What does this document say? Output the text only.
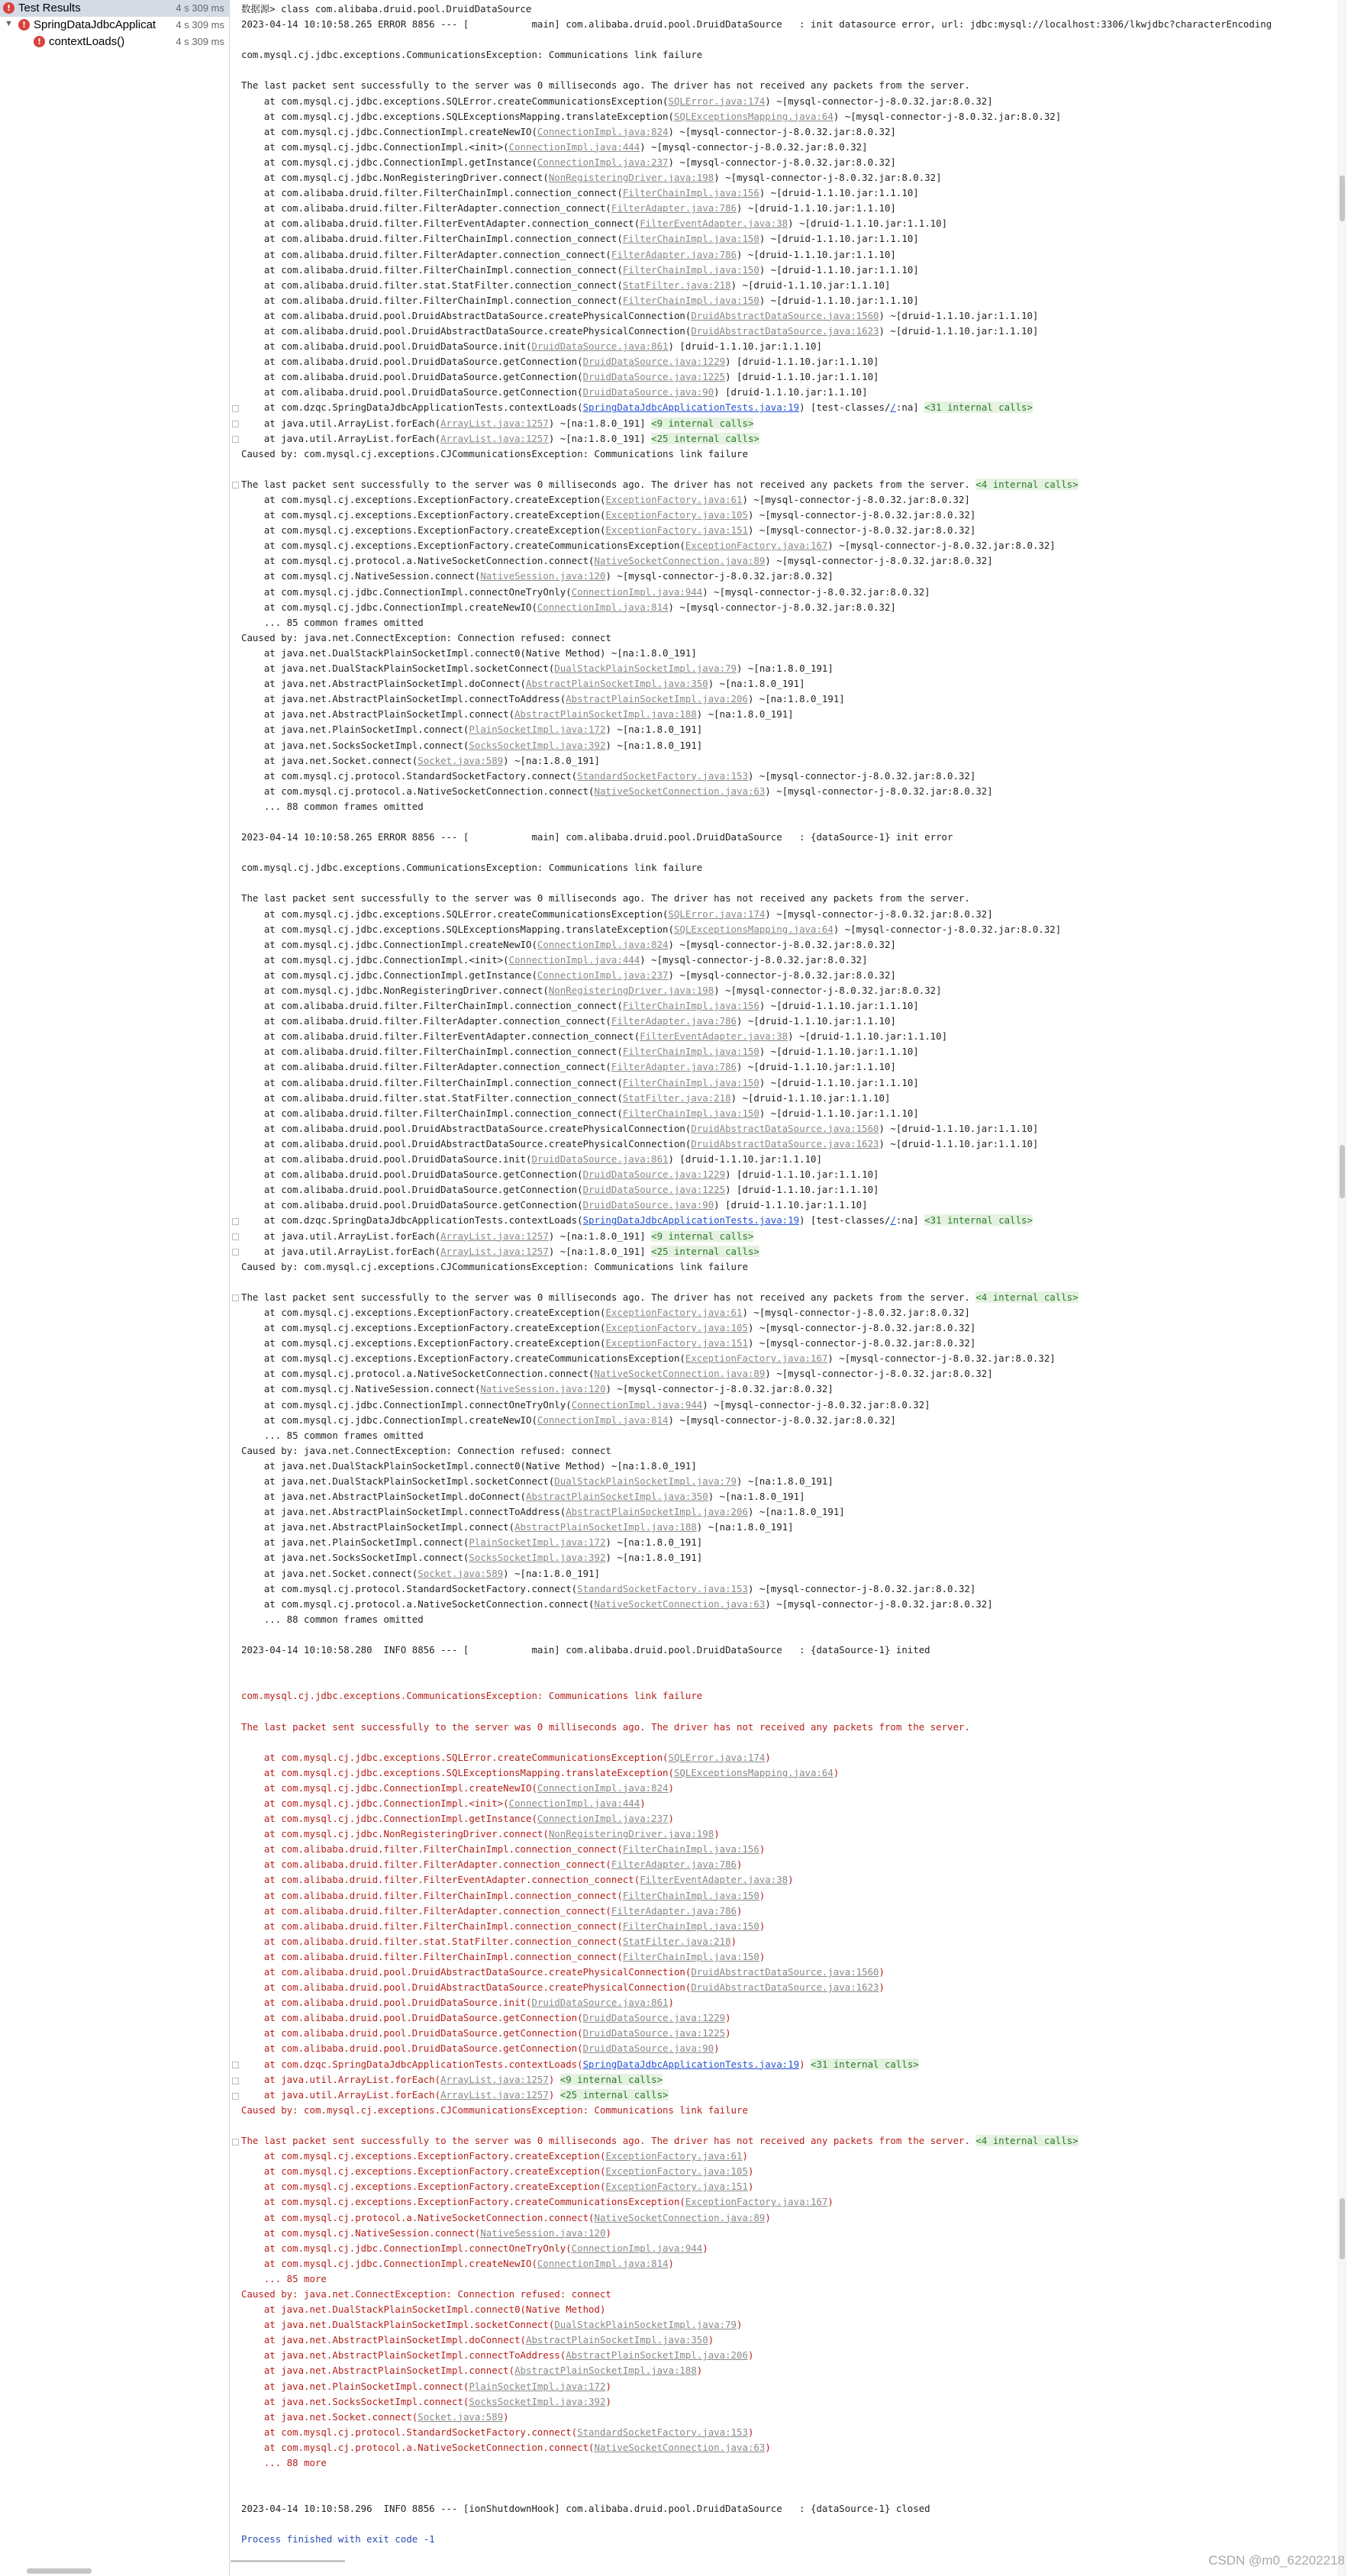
! Test Results	4 s 309 ms
▼	! SpringDataJdbcApplicat 4 s 309 ms
! contextLoads()	4 s 309 ms
数据源> class com.alibaba.druid.pool.DruidDataSource
2023-04-14 10:10:58.265 ERROR 8856 --- [           main] com.alibaba.druid.pool.DruidDataSource   : init datasource error, url: jdbc:mysql://localhost:3306/lkwjdbc?characterEncoding
com.mysql.cj.jdbc.exceptions.CommunicationsException: Communications link failure
The last packet sent successfully to the server was 0 milliseconds ago. The driver has not received any packets from the server.
at com.mysql.cj.jdbc.exceptions.SQLError.createCommunicationsException(SQLError.java:174) ~[mysql-connector-j-8.0.32.jar:8.0.32]
at com.mysql.cj.jdbc.exceptions.SQLExceptionsMapping.translateException(SQLExceptionsMapping.java:64) ~[mysql-connector-j-8.0.32.jar:8.0.32]
at com.mysql.cj.jdbc.ConnectionImpl.createNewIO(ConnectionImpl.java:824) ~[mysql-connector-j-8.0.32.jar:8.0.32]
at com.mysql.cj.jdbc.ConnectionImpl.<init>(ConnectionImpl.java:444) ~[mysql-connector-j-8.0.32.jar:8.0.32]
at com.mysql.cj.jdbc.ConnectionImpl.getInstance(ConnectionImpl.java:237) ~[mysql-connector-j-8.0.32.jar:8.0.32]
at com.mysql.cj.jdbc.NonRegisteringDriver.connect(NonRegisteringDriver.java:198) ~[mysql-connector-j-8.0.32.jar:8.0.32]
at com.alibaba.druid.filter.FilterChainImpl.connection_connect(FilterChainImpl.java:156) ~[druid-1.1.10.jar:1.1.10]
at com.alibaba.druid.filter.FilterAdapter.connection_connect(FilterAdapter.java:786) ~[druid-1.1.10.jar:1.1.10]
at com.alibaba.druid.filter.FilterEventAdapter.connection_connect(FilterEventAdapter.java:38) ~[druid-1.1.10.jar:1.1.10]
at com.alibaba.druid.filter.FilterChainImpl.connection_connect(FilterChainImpl.java:150) ~[druid-1.1.10.jar:1.1.10]
at com.alibaba.druid.filter.FilterAdapter.connection_connect(FilterAdapter.java:786) ~[druid-1.1.10.jar:1.1.10]
at com.alibaba.druid.filter.FilterChainImpl.connection_connect(FilterChainImpl.java:150) ~[druid-1.1.10.jar:1.1.10]
at com.alibaba.druid.filter.stat.StatFilter.connection_connect(StatFilter.java:218) ~[druid-1.1.10.jar:1.1.10]
at com.alibaba.druid.filter.FilterChainImpl.connection_connect(FilterChainImpl.java:150) ~[druid-1.1.10.jar:1.1.10]
at com.alibaba.druid.pool.DruidAbstractDataSource.createPhysicalConnection(DruidAbstractDataSource.java:1560) ~[druid-1.1.10.jar:1.1.10]
at com.alibaba.druid.pool.DruidAbstractDataSource.createPhysicalConnection(DruidAbstractDataSource.java:1623) ~[druid-1.1.10.jar:1.1.10]
at com.alibaba.druid.pool.DruidDataSource.init(DruidDataSource.java:861) [druid-1.1.10.jar:1.1.10]
at com.alibaba.druid.pool.DruidDataSource.getConnection(DruidDataSource.java:1229) [druid-1.1.10.jar:1.1.10]
at com.alibaba.druid.pool.DruidDataSource.getConnection(DruidDataSource.java:1225) [druid-1.1.10.jar:1.1.10]
at com.alibaba.druid.pool.DruidDataSource.getConnection(DruidDataSource.java:90) [druid-1.1.10.jar:1.1.10]
at com.dzqc.SpringDataJdbcApplicationTests.contextLoads(SpringDataJdbcApplicationTests.java:19) [test-classes//:na] <31 internal calls>
at java.util.ArrayList.forEach(ArrayList.java:1257) ~[na:1.8.0_191] <9 internal calls>
at java.util.ArrayList.forEach(ArrayList.java:1257) ~[na:1.8.0_191] <25 internal calls>
Caused by: com.mysql.cj.exceptions.CJCommunicationsException: Communications link failure
The last packet sent successfully to the server was 0 milliseconds ago. The driver has not received any packets from the server. <4 internal calls>
at com.mysql.cj.exceptions.ExceptionFactory.createException(ExceptionFactory.java:61) ~[mysql-connector-j-8.0.32.jar:8.0.32]
at com.mysql.cj.exceptions.ExceptionFactory.createException(ExceptionFactory.java:105) ~[mysql-connector-j-8.0.32.jar:8.0.32]
at com.mysql.cj.exceptions.ExceptionFactory.createException(ExceptionFactory.java:151) ~[mysql-connector-j-8.0.32.jar:8.0.32]
at com.mysql.cj.exceptions.ExceptionFactory.createCommunicationsException(ExceptionFactory.java:167) ~[mysql-connector-j-8.0.32.jar:8.0.32]
at com.mysql.cj.protocol.a.NativeSocketConnection.connect(NativeSocketConnection.java:89) ~[mysql-connector-j-8.0.32.jar:8.0.32]
at com.mysql.cj.NativeSession.connect(NativeSession.java:120) ~[mysql-connector-j-8.0.32.jar:8.0.32]
at com.mysql.cj.jdbc.ConnectionImpl.connectOneTryOnly(ConnectionImpl.java:944) ~[mysql-connector-j-8.0.32.jar:8.0.32]
at com.mysql.cj.jdbc.ConnectionImpl.createNewIO(ConnectionImpl.java:814) ~[mysql-connector-j-8.0.32.jar:8.0.32]
... 85 common frames omitted
Caused by: java.net.ConnectException: Connection refused: connect
at java.net.DualStackPlainSocketImpl.connect0(Native Method) ~[na:1.8.0_191]
at java.net.DualStackPlainSocketImpl.socketConnect(DualStackPlainSocketImpl.java:79) ~[na:1.8.0_191]
at java.net.AbstractPlainSocketImpl.doConnect(AbstractPlainSocketImpl.java:350) ~[na:1.8.0_191]
at java.net.AbstractPlainSocketImpl.connectToAddress(AbstractPlainSocketImpl.java:206) ~[na:1.8.0_191]
at java.net.AbstractPlainSocketImpl.connect(AbstractPlainSocketImpl.java:188) ~[na:1.8.0_191]
at java.net.PlainSocketImpl.connect(PlainSocketImpl.java:172) ~[na:1.8.0_191]
at java.net.SocksSocketImpl.connect(SocksSocketImpl.java:392) ~[na:1.8.0_191]
at java.net.Socket.connect(Socket.java:589) ~[na:1.8.0_191]
at com.mysql.cj.protocol.StandardSocketFactory.connect(StandardSocketFactory.java:153) ~[mysql-connector-j-8.0.32.jar:8.0.32]
at com.mysql.cj.protocol.a.NativeSocketConnection.connect(NativeSocketConnection.java:63) ~[mysql-connector-j-8.0.32.jar:8.0.32]
... 88 common frames omitted
2023-04-14 10:10:58.265 ERROR 8856 --- [           main] com.alibaba.druid.pool.DruidDataSource   : {dataSource-1} init error
com.mysql.cj.jdbc.exceptions.CommunicationsException: Communications link failure
The last packet sent successfully to the server was 0 milliseconds ago. The driver has not received any packets from the server.
at com.mysql.cj.jdbc.exceptions.SQLError.createCommunicationsException(SQLError.java:174) ~[mysql-connector-j-8.0.32.jar:8.0.32]
at com.mysql.cj.jdbc.exceptions.SQLExceptionsMapping.translateException(SQLExceptionsMapping.java:64) ~[mysql-connector-j-8.0.32.jar:8.0.32]
at com.mysql.cj.jdbc.ConnectionImpl.createNewIO(ConnectionImpl.java:824) ~[mysql-connector-j-8.0.32.jar:8.0.32]
at com.mysql.cj.jdbc.ConnectionImpl.<init>(ConnectionImpl.java:444) ~[mysql-connector-j-8.0.32.jar:8.0.32]
at com.mysql.cj.jdbc.ConnectionImpl.getInstance(ConnectionImpl.java:237) ~[mysql-connector-j-8.0.32.jar:8.0.32]
at com.mysql.cj.jdbc.NonRegisteringDriver.connect(NonRegisteringDriver.java:198) ~[mysql-connector-j-8.0.32.jar:8.0.32]
at com.alibaba.druid.filter.FilterChainImpl.connection_connect(FilterChainImpl.java:156) ~[druid-1.1.10.jar:1.1.10]
at com.alibaba.druid.filter.FilterAdapter.connection_connect(FilterAdapter.java:786) ~[druid-1.1.10.jar:1.1.10]
at com.alibaba.druid.filter.FilterEventAdapter.connection_connect(FilterEventAdapter.java:38) ~[druid-1.1.10.jar:1.1.10]
at com.alibaba.druid.filter.FilterChainImpl.connection_connect(FilterChainImpl.java:150) ~[druid-1.1.10.jar:1.1.10]
at com.alibaba.druid.filter.FilterAdapter.connection_connect(FilterAdapter.java:786) ~[druid-1.1.10.jar:1.1.10]
at com.alibaba.druid.filter.FilterChainImpl.connection_connect(FilterChainImpl.java:150) ~[druid-1.1.10.jar:1.1.10]
at com.alibaba.druid.filter.stat.StatFilter.connection_connect(StatFilter.java:218) ~[druid-1.1.10.jar:1.1.10]
at com.alibaba.druid.filter.FilterChainImpl.connection_connect(FilterChainImpl.java:150) ~[druid-1.1.10.jar:1.1.10]
at com.alibaba.druid.pool.DruidAbstractDataSource.createPhysicalConnection(DruidAbstractDataSource.java:1560) ~[druid-1.1.10.jar:1.1.10]
at com.alibaba.druid.pool.DruidAbstractDataSource.createPhysicalConnection(DruidAbstractDataSource.java:1623) ~[druid-1.1.10.jar:1.1.10]
at com.alibaba.druid.pool.DruidDataSource.init(DruidDataSource.java:861) [druid-1.1.10.jar:1.1.10]
at com.alibaba.druid.pool.DruidDataSource.getConnection(DruidDataSource.java:1229) [druid-1.1.10.jar:1.1.10]
at com.alibaba.druid.pool.DruidDataSource.getConnection(DruidDataSource.java:1225) [druid-1.1.10.jar:1.1.10]
at com.alibaba.druid.pool.DruidDataSource.getConnection(DruidDataSource.java:90) [druid-1.1.10.jar:1.1.10]
at com.dzqc.SpringDataJdbcApplicationTests.contextLoads(SpringDataJdbcApplicationTests.java:19) [test-classes//:na] <31 internal calls>
at java.util.ArrayList.forEach(ArrayList.java:1257) ~[na:1.8.0_191] <9 internal calls>
at java.util.ArrayList.forEach(ArrayList.java:1257) ~[na:1.8.0_191] <25 internal calls>
Caused by: com.mysql.cj.exceptions.CJCommunicationsException: Communications link failure
The last packet sent successfully to the server was 0 milliseconds ago. The driver has not received any packets from the server. <4 internal calls>
at com.mysql.cj.exceptions.ExceptionFactory.createException(ExceptionFactory.java:61) ~[mysql-connector-j-8.0.32.jar:8.0.32]
at com.mysql.cj.exceptions.ExceptionFactory.createException(ExceptionFactory.java:105) ~[mysql-connector-j-8.0.32.jar:8.0.32]
at com.mysql.cj.exceptions.ExceptionFactory.createException(ExceptionFactory.java:151) ~[mysql-connector-j-8.0.32.jar:8.0.32]
at com.mysql.cj.exceptions.ExceptionFactory.createCommunicationsException(ExceptionFactory.java:167) ~[mysql-connector-j-8.0.32.jar:8.0.32]
at com.mysql.cj.protocol.a.NativeSocketConnection.connect(NativeSocketConnection.java:89) ~[mysql-connector-j-8.0.32.jar:8.0.32]
at com.mysql.cj.NativeSession.connect(NativeSession.java:120) ~[mysql-connector-j-8.0.32.jar:8.0.32]
at com.mysql.cj.jdbc.ConnectionImpl.connectOneTryOnly(ConnectionImpl.java:944) ~[mysql-connector-j-8.0.32.jar:8.0.32]
at com.mysql.cj.jdbc.ConnectionImpl.createNewIO(ConnectionImpl.java:814) ~[mysql-connector-j-8.0.32.jar:8.0.32]
... 85 common frames omitted
Caused by: java.net.ConnectException: Connection refused: connect
at java.net.DualStackPlainSocketImpl.connect0(Native Method) ~[na:1.8.0_191]
at java.net.DualStackPlainSocketImpl.socketConnect(DualStackPlainSocketImpl.java:79) ~[na:1.8.0_191]
at java.net.AbstractPlainSocketImpl.doConnect(AbstractPlainSocketImpl.java:350) ~[na:1.8.0_191]
at java.net.AbstractPlainSocketImpl.connectToAddress(AbstractPlainSocketImpl.java:206) ~[na:1.8.0_191]
at java.net.AbstractPlainSocketImpl.connect(AbstractPlainSocketImpl.java:188) ~[na:1.8.0_191]
at java.net.PlainSocketImpl.connect(PlainSocketImpl.java:172) ~[na:1.8.0_191]
at java.net.SocksSocketImpl.connect(SocksSocketImpl.java:392) ~[na:1.8.0_191]
at java.net.Socket.connect(Socket.java:589) ~[na:1.8.0_191]
at com.mysql.cj.protocol.StandardSocketFactory.connect(StandardSocketFactory.java:153) ~[mysql-connector-j-8.0.32.jar:8.0.32]
at com.mysql.cj.protocol.a.NativeSocketConnection.connect(NativeSocketConnection.java:63) ~[mysql-connector-j-8.0.32.jar:8.0.32]
... 88 common frames omitted
2023-04-14 10:10:58.280  INFO 8856 --- [           main] com.alibaba.druid.pool.DruidDataSource   : {dataSource-1} inited
com.mysql.cj.jdbc.exceptions.CommunicationsException: Communications link failure
The last packet sent successfully to the server was 0 milliseconds ago. The driver has not received any packets from the server.
at com.mysql.cj.jdbc.exceptions.SQLError.createCommunicationsException(SQLError.java:174)
at com.mysql.cj.jdbc.exceptions.SQLExceptionsMapping.translateException(SQLExceptionsMapping.java:64)
at com.mysql.cj.jdbc.ConnectionImpl.createNewIO(ConnectionImpl.java:824)
at com.mysql.cj.jdbc.ConnectionImpl.<init>(ConnectionImpl.java:444)
at com.mysql.cj.jdbc.ConnectionImpl.getInstance(ConnectionImpl.java:237)
at com.mysql.cj.jdbc.NonRegisteringDriver.connect(NonRegisteringDriver.java:198)
at com.alibaba.druid.filter.FilterChainImpl.connection_connect(FilterChainImpl.java:156)
at com.alibaba.druid.filter.FilterAdapter.connection_connect(FilterAdapter.java:786)
at com.alibaba.druid.filter.FilterEventAdapter.connection_connect(FilterEventAdapter.java:38)
at com.alibaba.druid.filter.FilterChainImpl.connection_connect(FilterChainImpl.java:150)
at com.alibaba.druid.filter.FilterAdapter.connection_connect(FilterAdapter.java:786)
at com.alibaba.druid.filter.FilterChainImpl.connection_connect(FilterChainImpl.java:150)
at com.alibaba.druid.filter.stat.StatFilter.connection_connect(StatFilter.java:218)
at com.alibaba.druid.filter.FilterChainImpl.connection_connect(FilterChainImpl.java:150)
at com.alibaba.druid.pool.DruidAbstractDataSource.createPhysicalConnection(DruidAbstractDataSource.java:1560)
at com.alibaba.druid.pool.DruidAbstractDataSource.createPhysicalConnection(DruidAbstractDataSource.java:1623)
at com.alibaba.druid.pool.DruidDataSource.init(DruidDataSource.java:861)
at com.alibaba.druid.pool.DruidDataSource.getConnection(DruidDataSource.java:1229)
at com.alibaba.druid.pool.DruidDataSource.getConnection(DruidDataSource.java:1225)
at com.alibaba.druid.pool.DruidDataSource.getConnection(DruidDataSource.java:90)
at com.dzqc.SpringDataJdbcApplicationTests.contextLoads(SpringDataJdbcApplicationTests.java:19) <31 internal calls>
at java.util.ArrayList.forEach(ArrayList.java:1257) <9 internal calls>
at java.util.ArrayList.forEach(ArrayList.java:1257) <25 internal calls>
Caused by: com.mysql.cj.exceptions.CJCommunicationsException: Communications link failure
The last packet sent successfully to the server was 0 milliseconds ago. The driver has not received any packets from the server. <4 internal calls>
at com.mysql.cj.exceptions.ExceptionFactory.createException(ExceptionFactory.java:61)
at com.mysql.cj.exceptions.ExceptionFactory.createException(ExceptionFactory.java:105)
at com.mysql.cj.exceptions.ExceptionFactory.createException(ExceptionFactory.java:151)
at com.mysql.cj.exceptions.ExceptionFactory.createCommunicationsException(ExceptionFactory.java:167)
at com.mysql.cj.protocol.a.NativeSocketConnection.connect(NativeSocketConnection.java:89)
at com.mysql.cj.NativeSession.connect(NativeSession.java:120)
at com.mysql.cj.jdbc.ConnectionImpl.connectOneTryOnly(ConnectionImpl.java:944)
at com.mysql.cj.jdbc.ConnectionImpl.createNewIO(ConnectionImpl.java:814)
... 85 more
Caused by: java.net.ConnectException: Connection refused: connect
at java.net.DualStackPlainSocketImpl.connect0(Native Method)
at java.net.DualStackPlainSocketImpl.socketConnect(DualStackPlainSocketImpl.java:79)
at java.net.AbstractPlainSocketImpl.doConnect(AbstractPlainSocketImpl.java:350)
at java.net.AbstractPlainSocketImpl.connectToAddress(AbstractPlainSocketImpl.java:206)
at java.net.AbstractPlainSocketImpl.connect(AbstractPlainSocketImpl.java:188)
at java.net.PlainSocketImpl.connect(PlainSocketImpl.java:172)
at java.net.SocksSocketImpl.connect(SocksSocketImpl.java:392)
at java.net.Socket.connect(Socket.java:589)
at com.mysql.cj.protocol.StandardSocketFactory.connect(StandardSocketFactory.java:153)
at com.mysql.cj.protocol.a.NativeSocketConnection.connect(NativeSocketConnection.java:63)
... 88 more
2023-04-14 10:10:58.296  INFO 8856 --- [ionShutdownHook] com.alibaba.druid.pool.DruidDataSource   : {dataSource-1} closed
Process finished with exit code -1
CSDN @m0_62202218
